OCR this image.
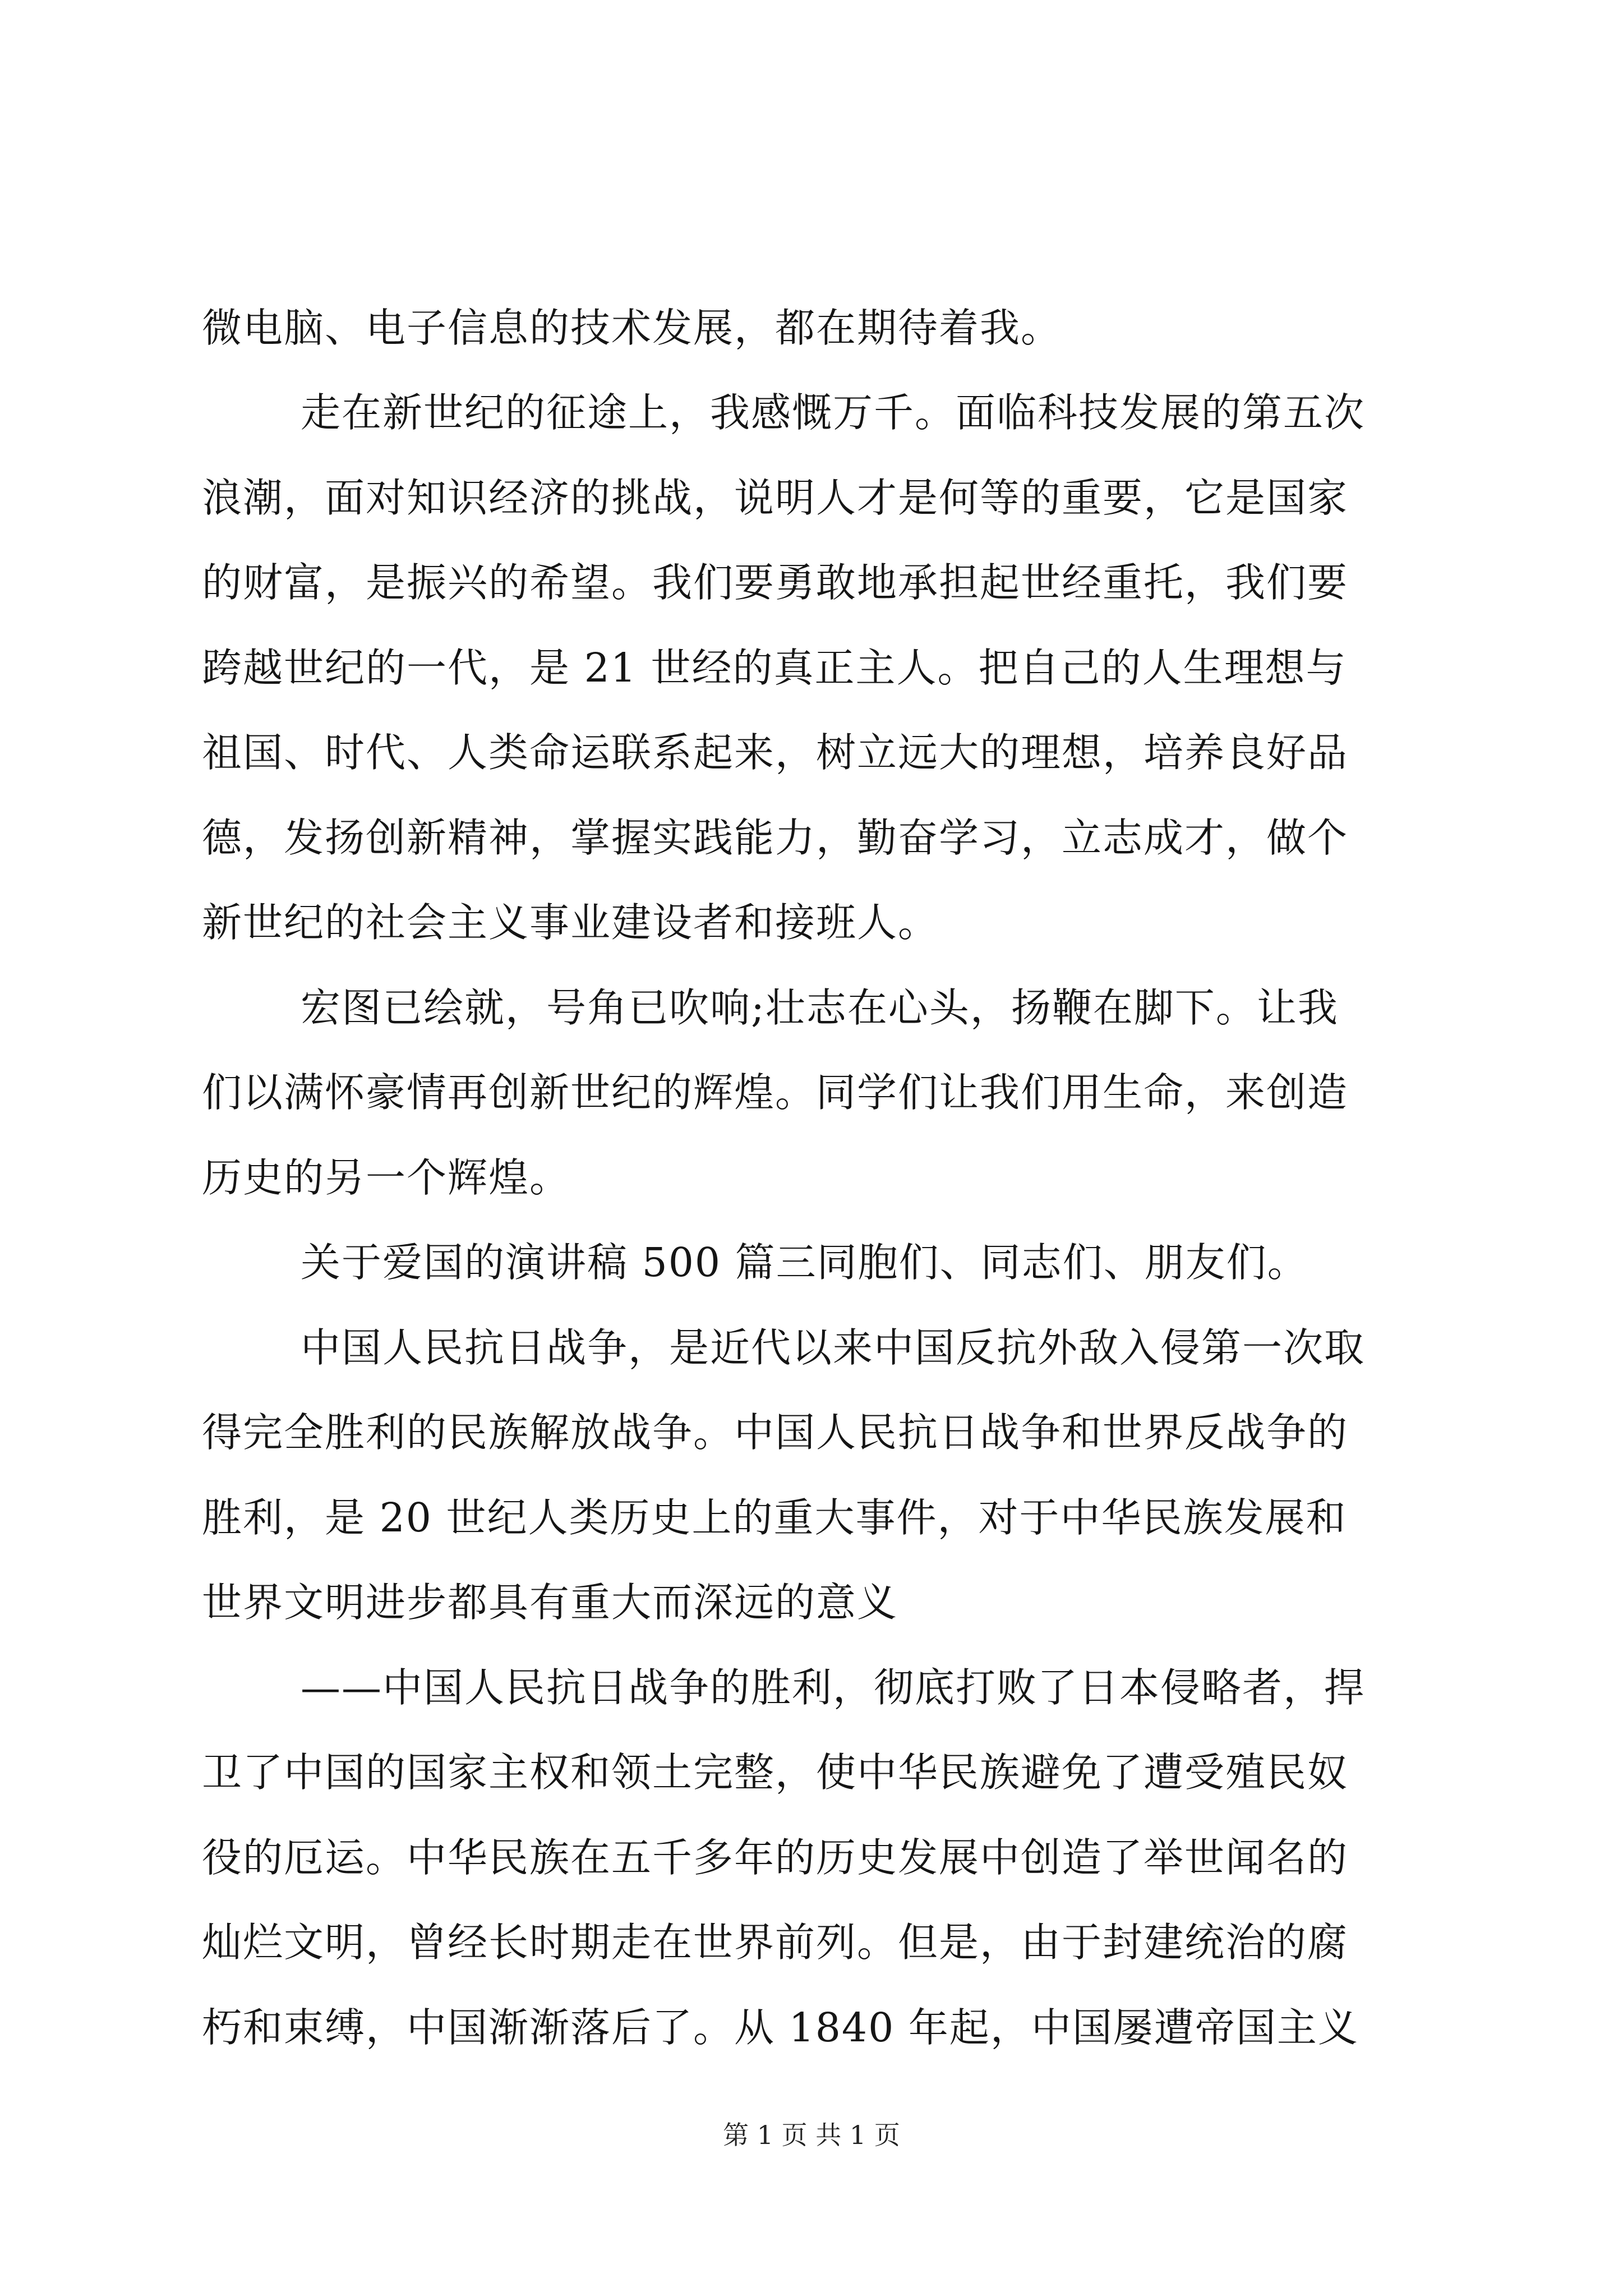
微电脑、电子信息的技术发展，都在期待着我。
走在新世纪的征途上，我感慨万千。面临科技发展的第五次
浪潮，面对知识经济的挑战，说明人才是何等的重要，它是国家
的财富，是振兴的希望。我们要勇敢地承担起世经重托，我们要
跨越世纪的一代，是 21 世经的真正主人。把自己的人生理想与
祖国、时代、人类命运联系起来，树立远大的理想，培养良好品
德，发扬创新精神，掌握实践能力，勤奋学习，立志成才，做个
新世纪的社会主义事业建设者和接班人。
宏图已绘就，号角已吹响;壮志在心头，扬鞭在脚下。让我
们以满怀豪情再创新世纪的辉煌。同学们让我们用生命，来创造
历史的另一个辉煌。
关于爱国的演讲稿 500 篇三同胞们、同志们、朋友们。
中国人民抗日战争，是近代以来中国反抗外敌入侵第一次取
得完全胜利的民族解放战争。中国人民抗日战争和世界反战争的
胜利，是 20 世纪人类历史上的重大事件，对于中华民族发展和
世界文明进步都具有重大而深远的意义
——中国人民抗日战争的胜利，彻底打败了日本侵略者，捍
卫了中国的国家主权和领土完整，使中华民族避免了遭受殖民奴
役的厄运。中华民族在五千多年的历史发展中创造了举世闻名的
灿烂文明，曾经长时期走在世界前列。但是，由于封建统治的腐
朽和束缚，中国渐渐落后了。从 1840 年起，中国屡遭帝国主义
第 1 页 共 1 页
